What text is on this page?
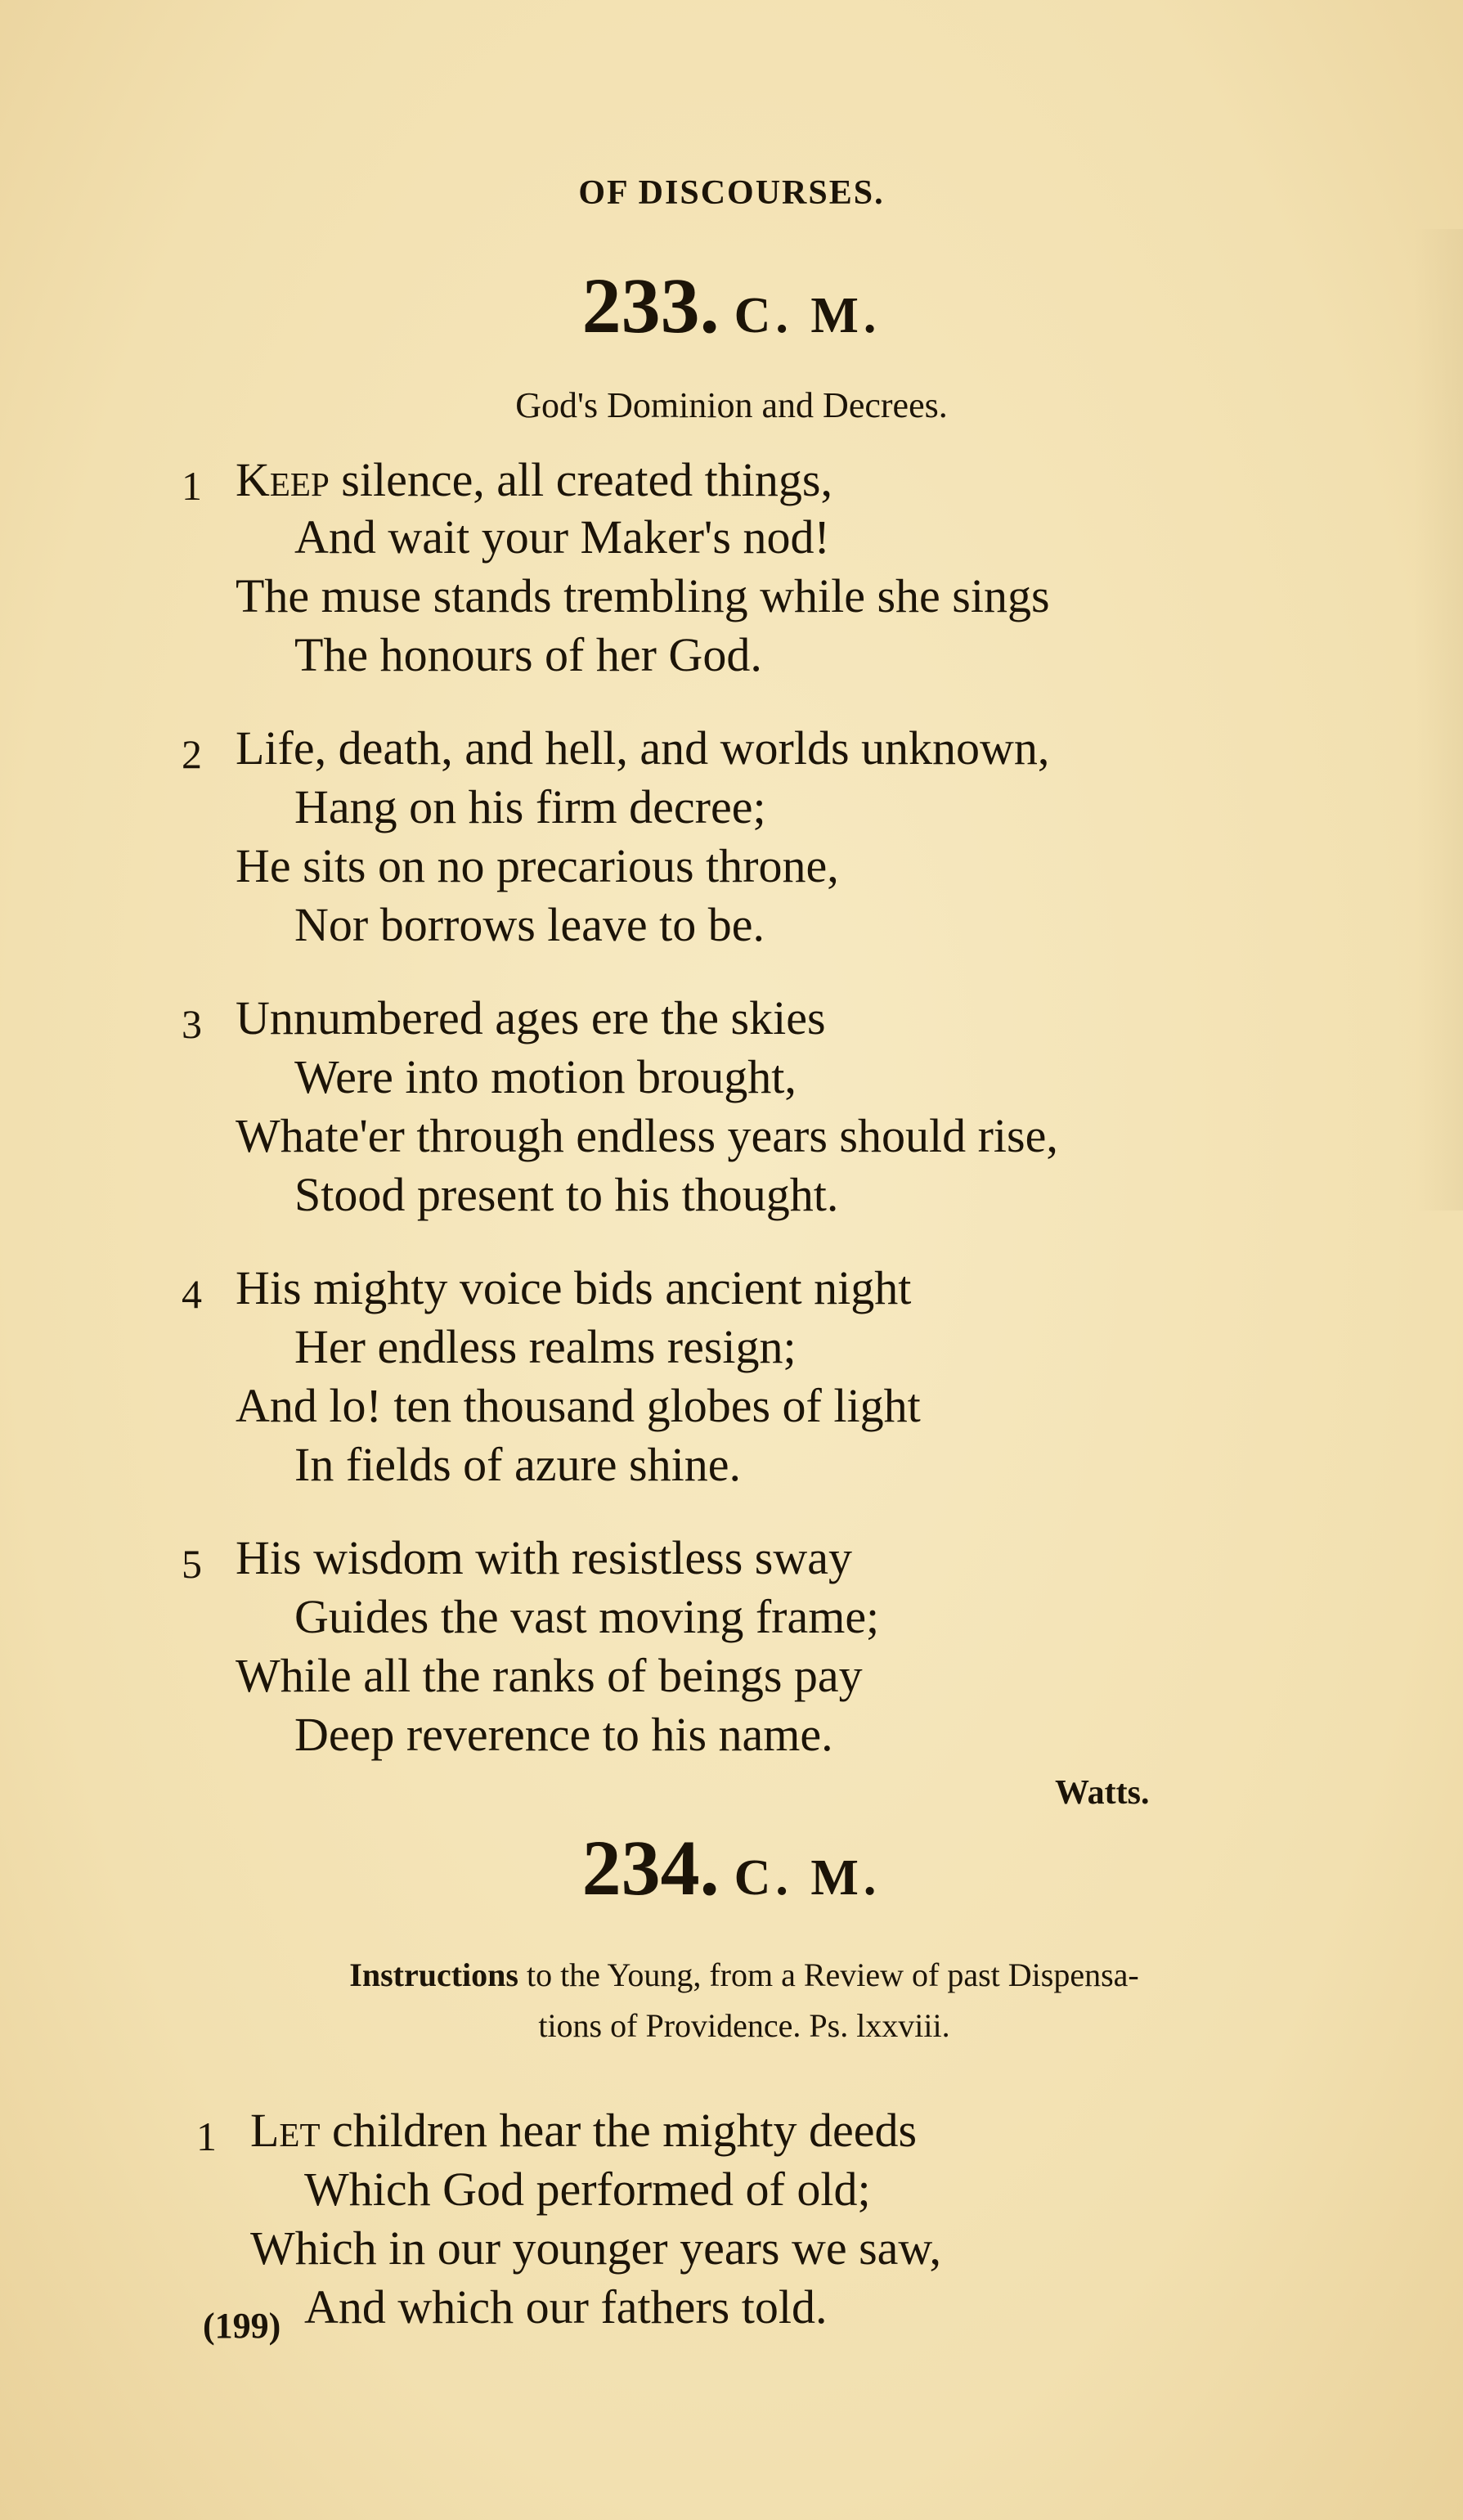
OF DISCOURSES.
233. C. M.
God's Dominion and Decrees.
1 Keep silence, all created things,
And wait your Maker's nod!
The muse stands trembling while she sings
The honours of her God.
2 Life, death, and hell, and worlds unknown,
Hang on his firm decree;
He sits on no precarious throne,
Nor borrows leave to be.
3 Unnumbered ages ere the skies
Were into motion brought,
Whate'er through endless years should rise,
Stood present to his thought.
4 His mighty voice bids ancient night
Her endless realms resign;
And lo! ten thousand globes of light
In fields of azure shine.
5 His wisdom with resistless sway
Guides the vast moving frame;
While all the ranks of beings pay
Deep reverence to his name.
Watts.
234. C. M.
Instructions to the Young, from a Review of past Dispensa-
tions of Providence. Ps. lxxviii.
1 Let children hear the mighty deeds
Which God performed of old;
Which in our younger years we saw,
And which our fathers told.
(199)
